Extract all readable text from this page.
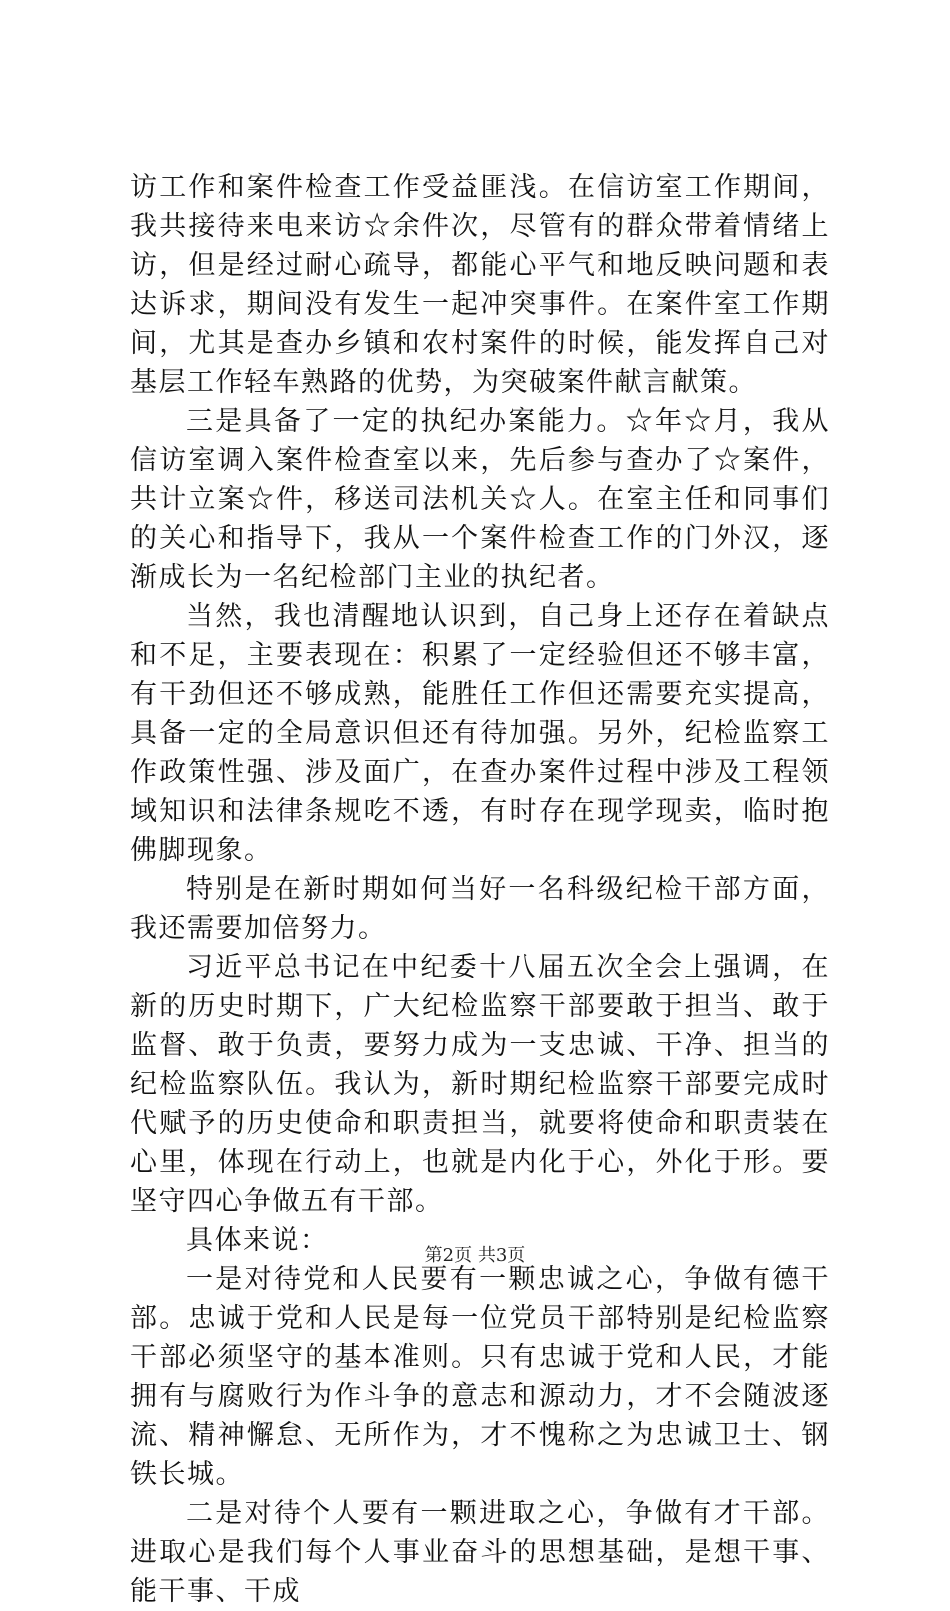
访工作和案件检查工作受益匪浅。在信访室工作期间，我共接待来电来访☆余件次，尽管有的群众带着情绪上访，但是经过耐心疏导，都能心平气和地反映问题和表达诉求，期间没有发生一起冲突事件。在案件室工作期间，尤其是查办乡镇和农村案件的时候，能发挥自己对基层工作轻车熟路的优势，为突破案件献言献策。

三是具备了一定的执纪办案能力。☆年☆月，我从信访室调入案件检查室以来，先后参与查办了☆案件，共计立案☆件，移送司法机关☆人。在室主任和同事们的关心和指导下，我从一个案件检查工作的门外汉，逐渐成长为一名纪检部门主业的执纪者。

当然，我也清醒地认识到，自己身上还存在着缺点和不足，主要表现在：积累了一定经验但还不够丰富，有干劲但还不够成熟，能胜任工作但还需要充实提高，具备一定的全局意识但还有待加强。另外，纪检监察工作政策性强、涉及面广，在查办案件过程中涉及工程领域知识和法律条规吃不透，有时存在现学现卖，临时抱佛脚现象。

特别是在新时期如何当好一名科级纪检干部方面，我还需要加倍努力。

习近平总书记在中纪委十八届五次全会上强调，在新的历史时期下，广大纪检监察干部要敢于担当、敢于监督、敢于负责，要努力成为一支忠诚、干净、担当的纪检监察队伍。我认为，新时期纪检监察干部要完成时代赋予的历史使命和职责担当，就要将使命和职责装在心里，体现在行动上，也就是内化于心，外化于形。要坚守四心争做五有干部。

具体来说：

一是对待党和人民要有一颗忠诚之心，争做有德干部。忠诚于党和人民是每一位党员干部特别是纪检监察干部必须坚守的基本准则。只有忠诚于党和人民，才能拥有与腐败行为作斗争的意志和源动力，才不会随波逐流、精神懈怠、无所作为，才不愧称之为忠诚卫士、钢铁长城。

二是对待个人要有一颗进取之心，争做有才干部。进取心是我们每个人事业奋斗的思想基础，是想干事、能干事、干成

第2页 共3页
